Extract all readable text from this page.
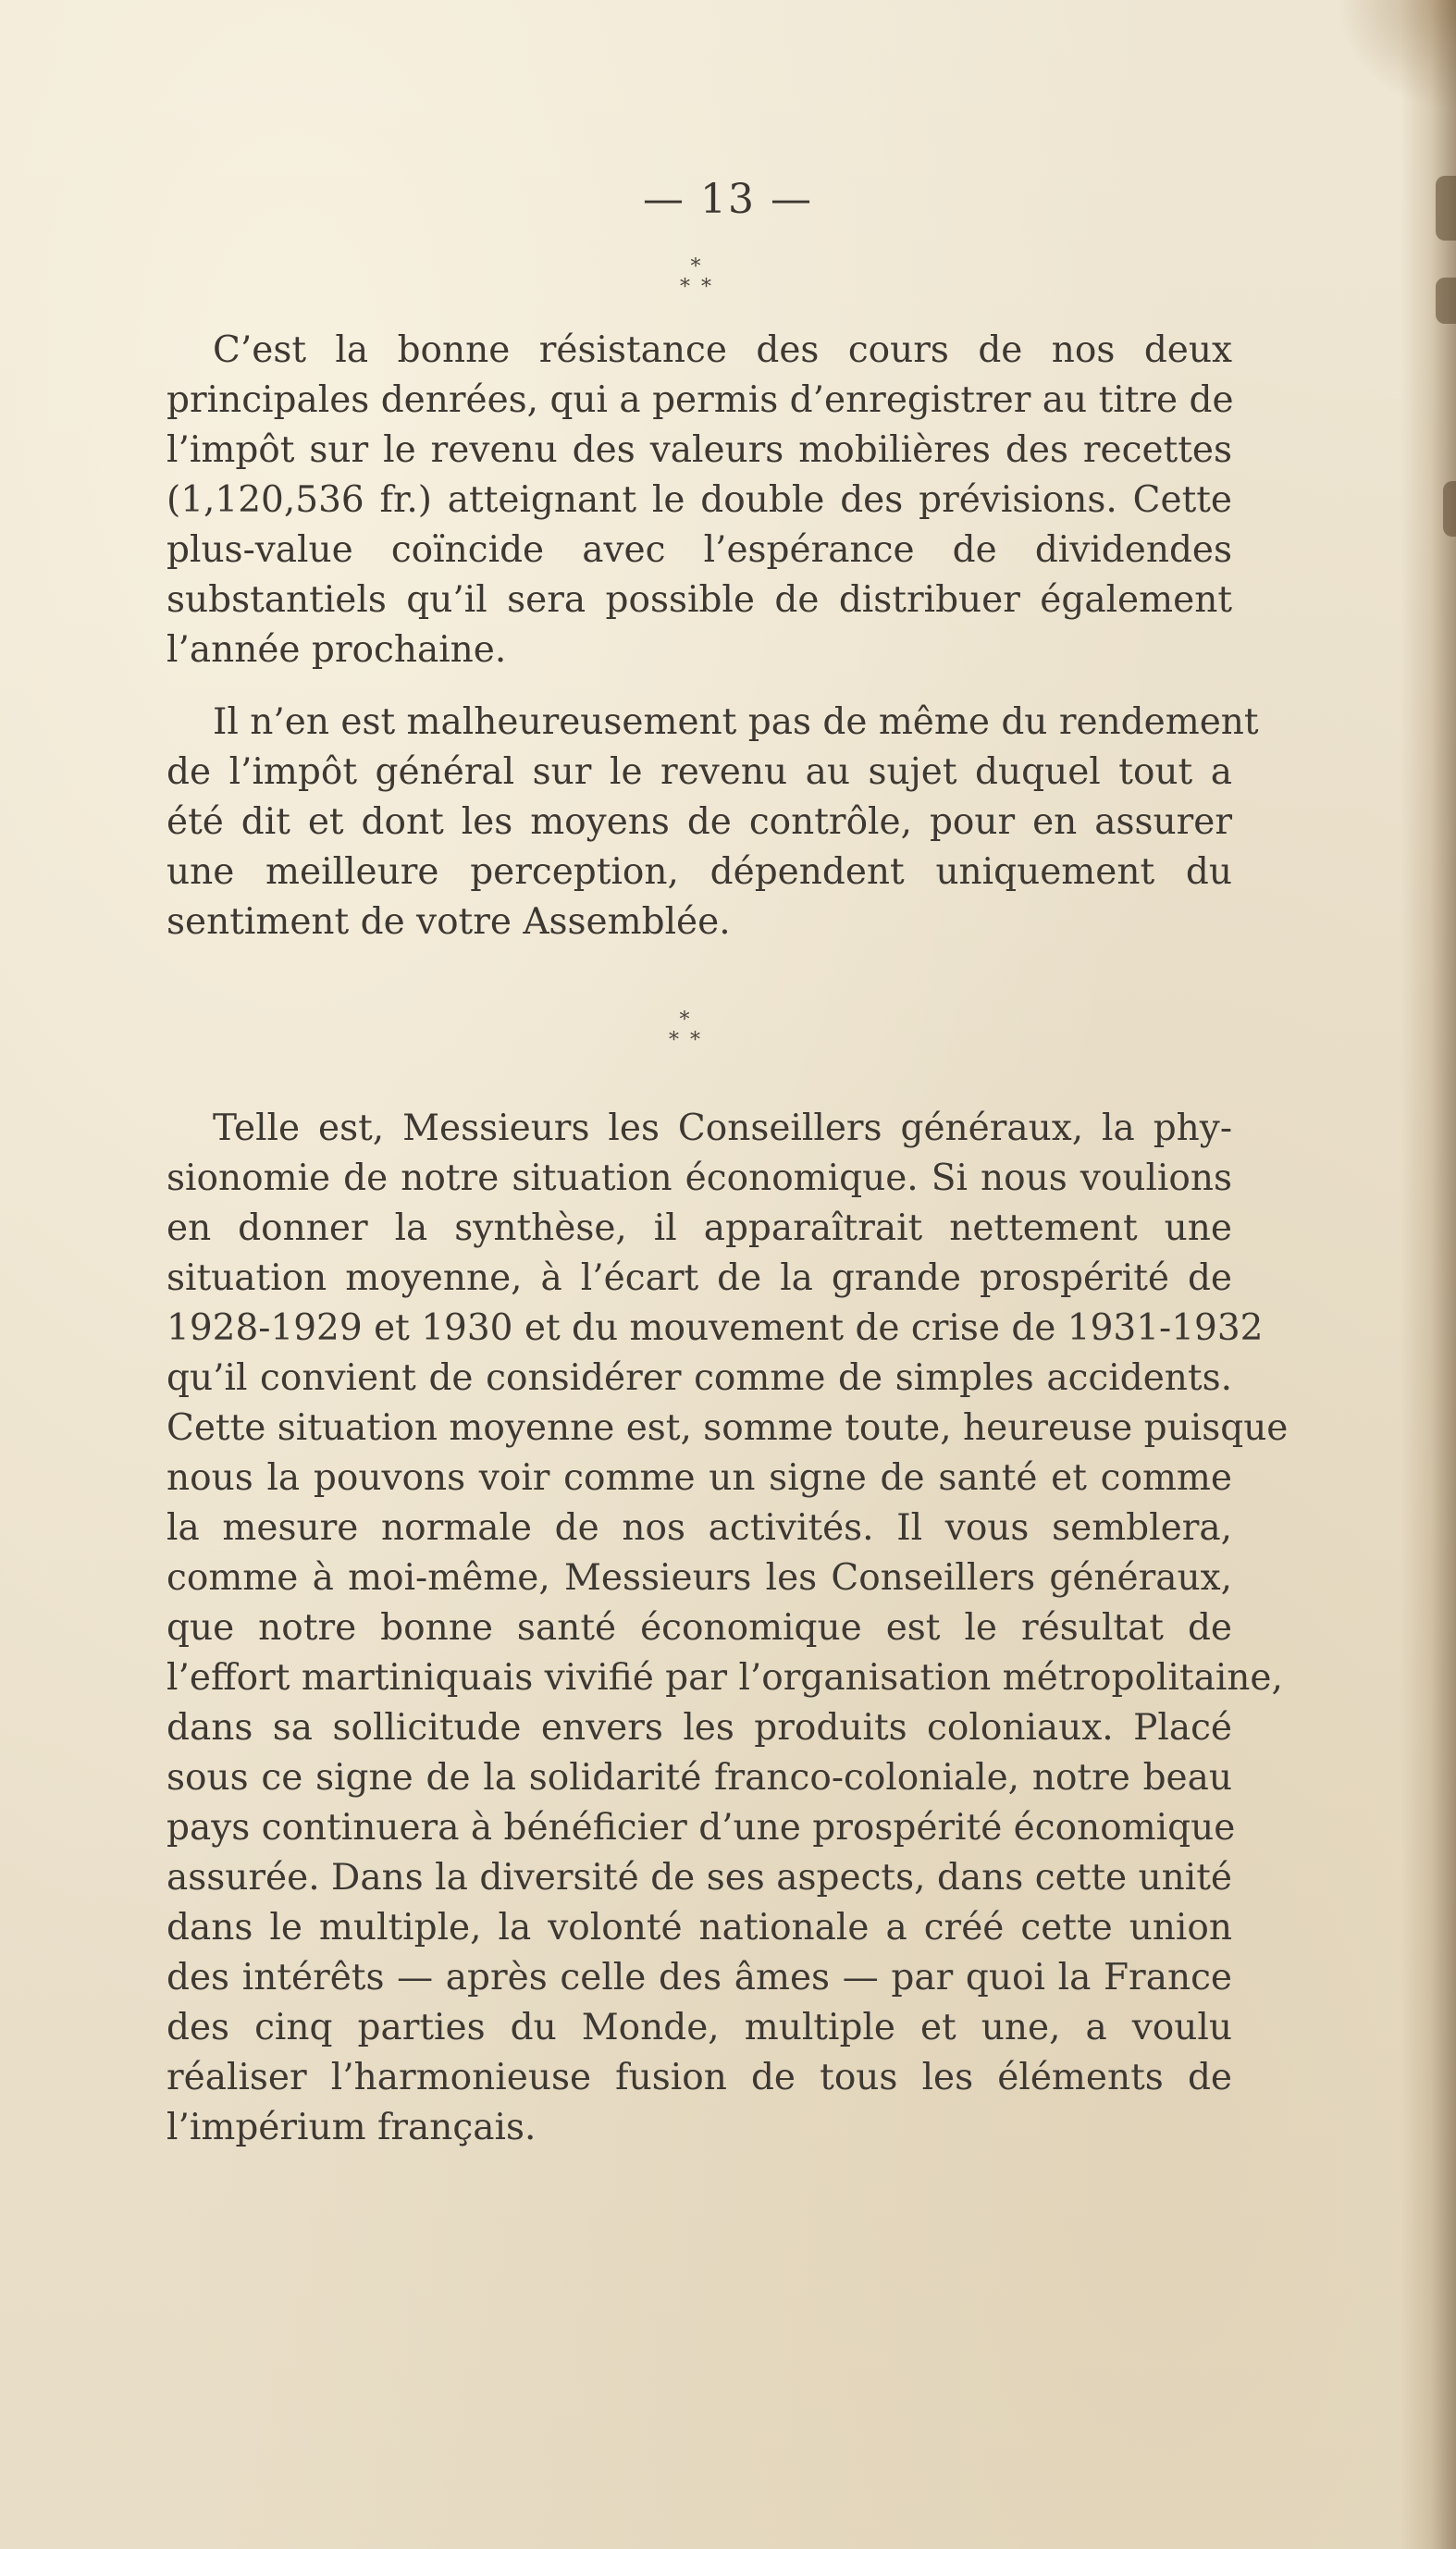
— 13 —
*
* *
C’est la bonne résistance des cours de nos deux
principales denrées, qui a permis d’enregistrer au titre de
l’impôt sur le revenu des valeurs mobilières des recettes
(1,120,536 fr.) atteignant le double des prévisions. Cette
plus-value coïncide avec l’espérance de dividendes
substantiels qu’il sera possible de distribuer également
l’année prochaine.
Il n’en est malheureusement pas de même du rendement
de l’impôt général sur le revenu au sujet duquel tout a
été dit et dont les moyens de contrôle, pour en assurer
une meilleure perception, dépendent uniquement du
sentiment de votre Assemblée.
*
* *
Telle est, Messieurs les Conseillers généraux, la phy-
sionomie de notre situation économique. Si nous voulions
en donner la synthèse, il apparaîtrait nettement une
situation moyenne, à l’écart de la grande prospérité de
1928-1929 et 1930 et du mouvement de crise de 1931-1932
qu’il convient de considérer comme de simples accidents.
Cette situation moyenne est, somme toute, heureuse puisque
nous la pouvons voir comme un signe de santé et comme
la mesure normale de nos activités. Il vous semblera,
comme à moi-même, Messieurs les Conseillers généraux,
que notre bonne santé économique est le résultat de
l’effort martiniquais vivifié par l’organisation métropolitaine,
dans sa sollicitude envers les produits coloniaux. Placé
sous ce signe de la solidarité franco-coloniale, notre beau
pays continuera à bénéficier d’une prospérité économique
assurée. Dans la diversité de ses aspects, dans cette unité
dans le multiple, la volonté nationale a créé cette union
des intérêts — après celle des âmes — par quoi la France
des cinq parties du Monde, multiple et une, a voulu
réaliser l’harmonieuse fusion de tous les éléments de
l’impérium français.
